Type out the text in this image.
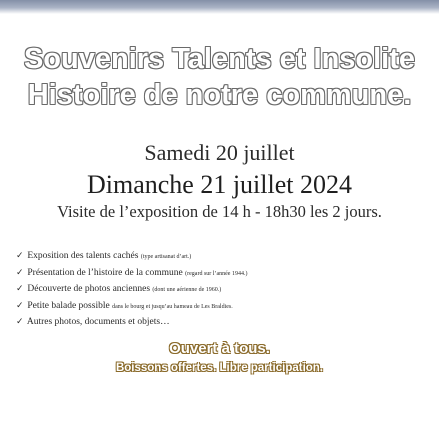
Souvenirs Talents et Insolite
Histoire de notre commune.
Samedi 20 juillet
Dimanche 21 juillet 2024
Visite de l’exposition de 14 h - 18h30 les 2 jours.
✓ Exposition des talents cachés (type artisanat d’art.)
✓ Présentation de l’histoire de la commune (regard sur l’année 1944.)
✓ Découverte de photos anciennes (dont une aérienne de 1960.)
✓ Petite balade possible dans le bourg et jusqu’au hameau de Les Braldies.
✓ Autres photos, documents et objets…
Ouvert à tous.
Boissons offertes. Libre participation.
